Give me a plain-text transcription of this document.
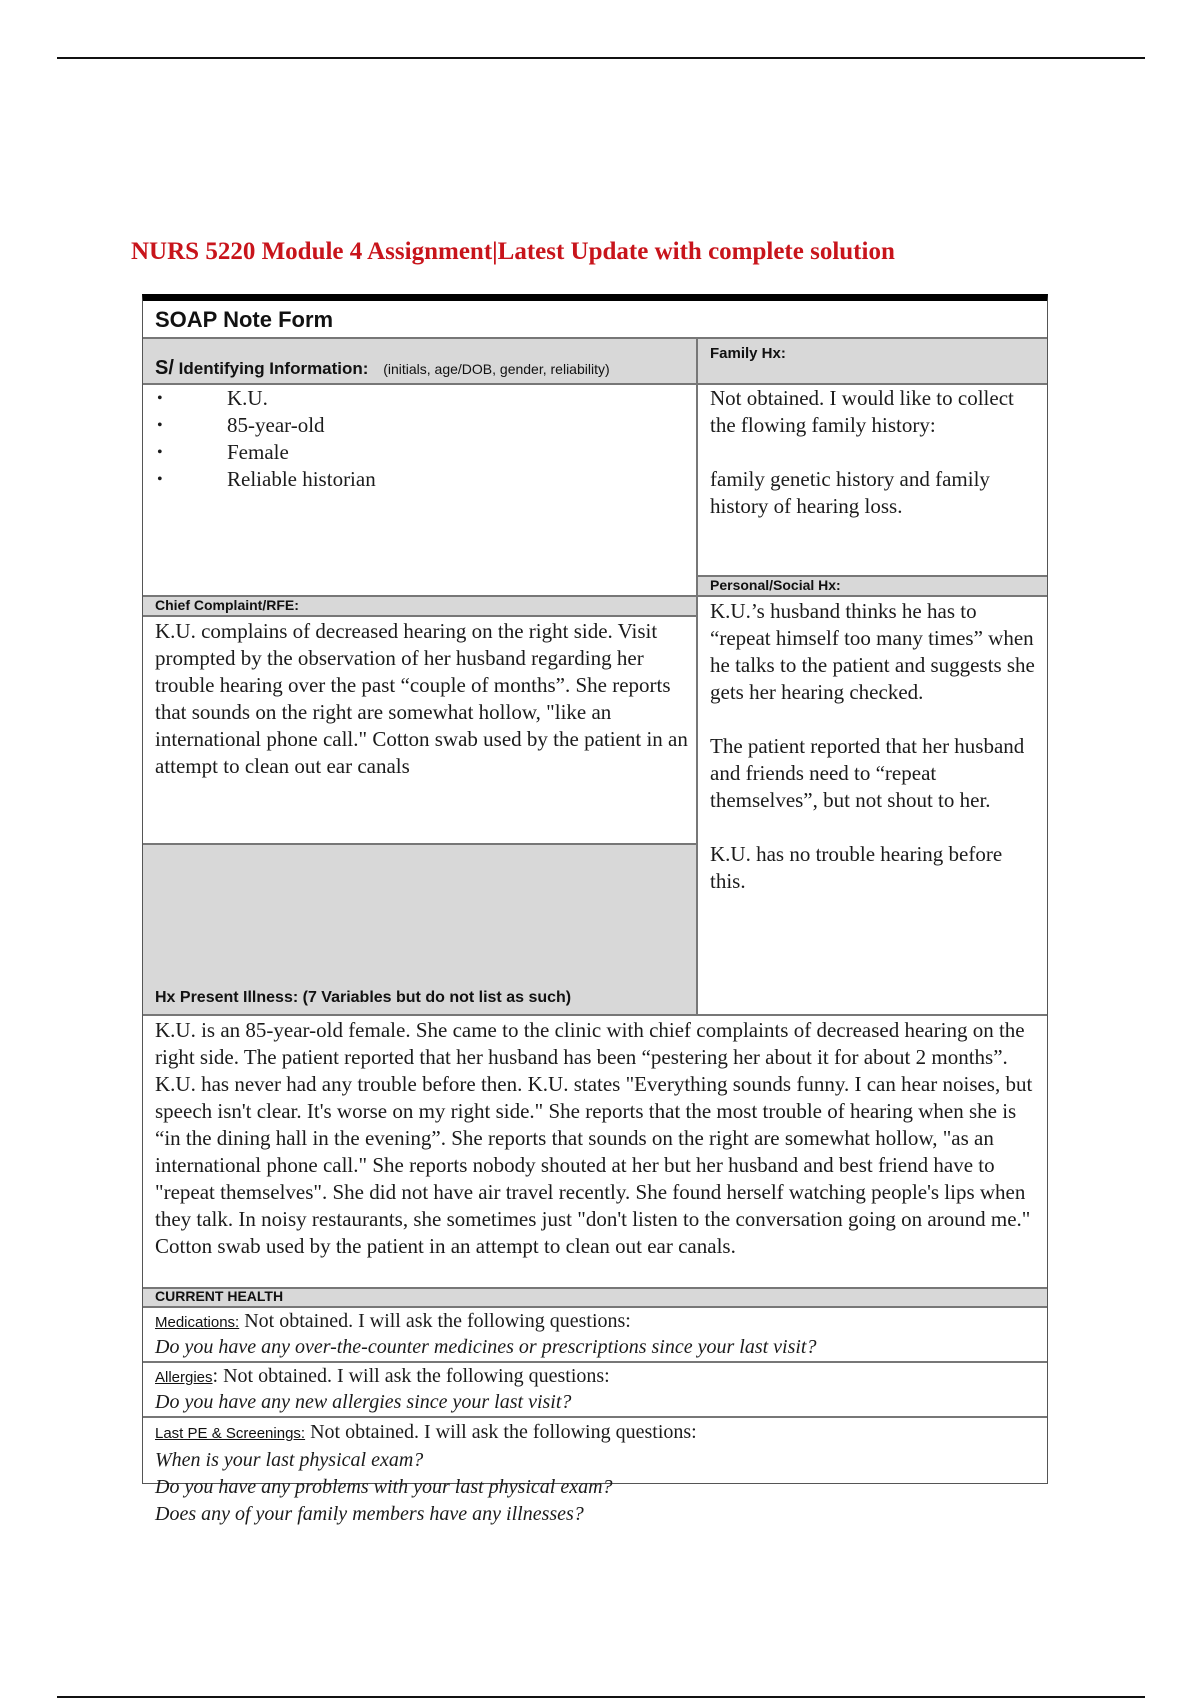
NURS 5220 Module 4 Assignment|Latest Update with complete solution
SOAP Note Form
S/ Identifying Information: (initials, age/DOB, gender, reliability)
Family Hx:
•	K.U.
•	85-year-old
•	Female
•	Reliable historian

Not obtained. I would like to collect the flowing family history:

family genetic history and family history of hearing loss.

Personal/Social Hx:

K.U.’s husband thinks he has to “repeat himself too many times” when he talks to the patient and suggests she gets her hearing checked.

The patient reported that her husband and friends need to “repeat themselves”, but not shout to her.

K.U. has no trouble hearing before this.

Chief Complaint/RFE:

K.U. complains of decreased hearing on the right side. Visit prompted by the observation of her husband regarding her trouble hearing over the past “couple of months”. She reports that sounds on the right are somewhat hollow, "like an international phone call." Cotton swab used by the patient in an attempt to clean out ear canals

Hx Present Illness: (7 Variables but do not list as such)

K.U. is an 85-year-old female. She came to the clinic with chief complaints of decreased hearing on the right side. The patient reported that her husband has been “pestering her about it for about 2 months”. K.U. has never had any trouble before then. K.U. states "Everything sounds funny. I can hear noises, but speech isn't clear. It's worse on my right side." She reports that the most trouble of hearing when she is “in the dining hall in the evening”. She reports that sounds on the right are somewhat hollow, "as an international phone call." She reports nobody shouted at her but her husband and best friend have to "repeat themselves". She did not have air travel recently. She found herself watching people's lips when they talk. In noisy restaurants, she sometimes just "don't listen to the conversation going on around me." Cotton swab used by the patient in an attempt to clean out ear canals.

CURRENT HEALTH

Medications: Not obtained. I will ask the following questions:

Do you have any over-the-counter medicines or prescriptions since your last visit?

Allergies: Not obtained. I will ask the following questions:

Do you have any new allergies since your last visit?

Last PE & Screenings: Not obtained. I will ask the following questions:

When is your last physical exam?

Do you have any problems with your last physical exam?

Does any of your family members have any illnesses?
